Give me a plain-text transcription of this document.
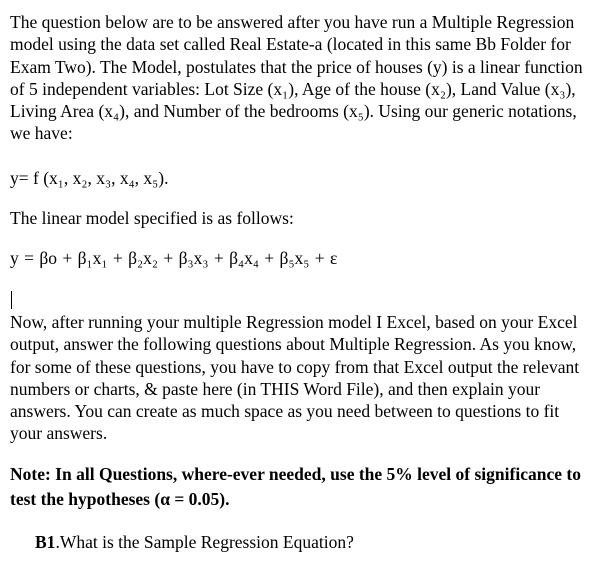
The question below are to be answered after you have run a Multiple Regression model using the data set called Real Estate-a (located in this same Bb Folder for Exam Two). The Model, postulates that the price of houses (y) is a linear function of 5 independent variables: Lot Size (x₁), Age of the house (x₂), Land Value (x₃), Living Area (x₄), and Number of the bedrooms (x₅). Using our generic notations, we have:

y= f (x₁, x₂, x₃, x₄, x₅).

The linear model specified is as follows:

y = βo + β₁x₁ + β₂x₂ + β₃x₃ + β₄x₄ + β₅x₅ + ε

Now, after running your multiple Regression model I Excel, based on your Excel output, answer the following questions about Multiple Regression. As you know, for some of these questions, you have to copy from that Excel output the relevant numbers or charts, & paste here (in THIS Word File), and then explain your answers. You can create as much space as you need between to questions to fit your answers.

Note: In all Questions, where-ever needed, use the 5% level of significance to test the hypotheses (α = 0.05).

B1.What is the Sample Regression Equation?
